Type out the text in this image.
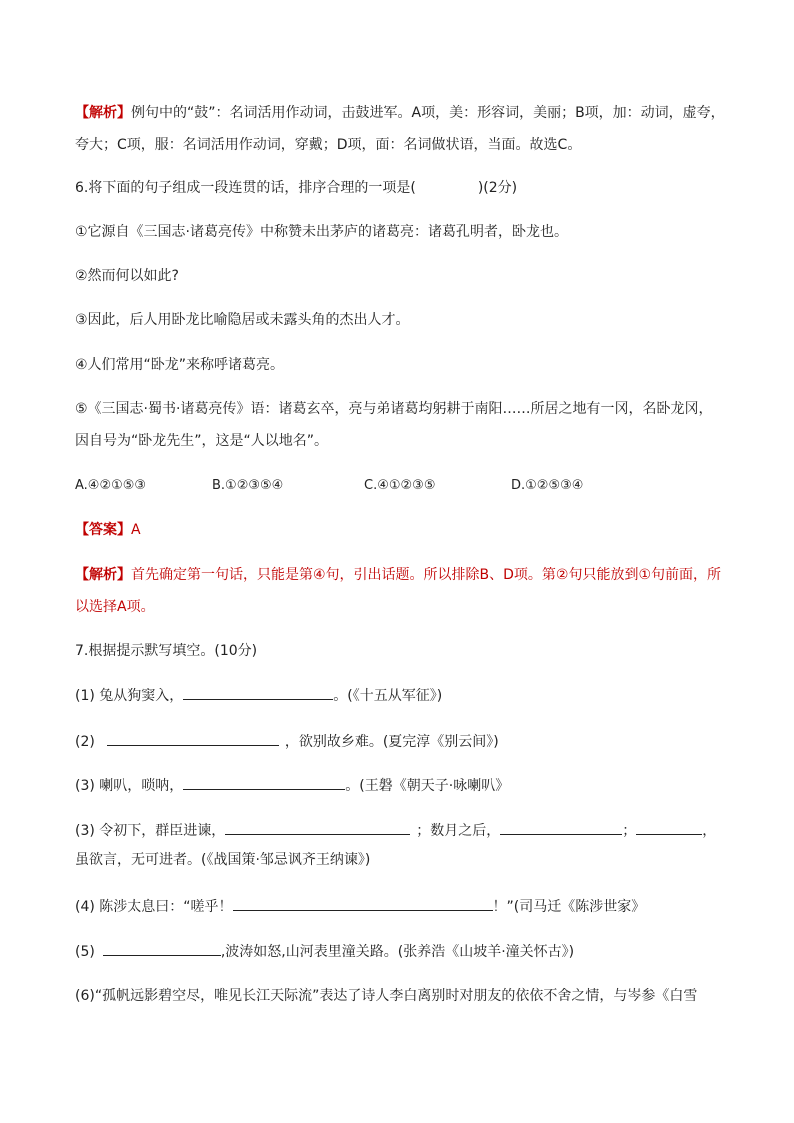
【解析】例句中的“鼓”：名词活用作动词，击鼓进军。A项，美：形容词，美丽；B项，加：动词，虚夸，
夸大；C项，服：名词活用作动词，穿戴；D项，面：名词做状语，当面。故选C。
6.将下面的句子组成一段连贯的话，排序合理的一项是(	)(2分)
①它源自《三国志·诸葛亮传》中称赞未出茅庐的诸葛亮：诸葛孔明者，卧龙也。
②然而何以如此?
③因此，后人用卧龙比喻隐居或未露头角的杰出人才。
④人们常用“卧龙”来称呼诸葛亮。
⑤《三国志·蜀书·诸葛亮传》语：诸葛玄卒，亮与弟诸葛均躬耕于南阳……所居之地有一冈，名卧龙冈，
因自号为“卧龙先生”，这是“人以地名”。
A.④②①⑤③	B.①②③⑤④	C.④①②③⑤	D.①②⑤③④
【答案】A
【解析】首先确定第一句话，只能是第④句，引出话题。所以排除B、D项。第②句只能放到①句前面，所
以选择A项。
7.根据提示默写填空。(10分)
(1) 兔从狗窦入，	。(《十五从军征》)
(2)	，欲别故乡难。(夏完淳《别云间》)
(3) 喇叭，唢呐，	。(王磐《朝天子·咏喇叭》
(3) 令初下，群臣进谏，	；数月之后，	；	，
虽欲言，无可进者。(《战国策·邹忌讽齐王纳谏》)
(4) 陈涉太息曰：“嗟乎！	！”(司马迁《陈涉世家》
(5)	,波涛如怒,山河表里潼关路。(张养浩《山坡羊·潼关怀古》)
(6)“孤帆远影碧空尽，唯见长江天际流”表达了诗人李白离别时对朋友的依依不舍之情，与岑参《白雪
